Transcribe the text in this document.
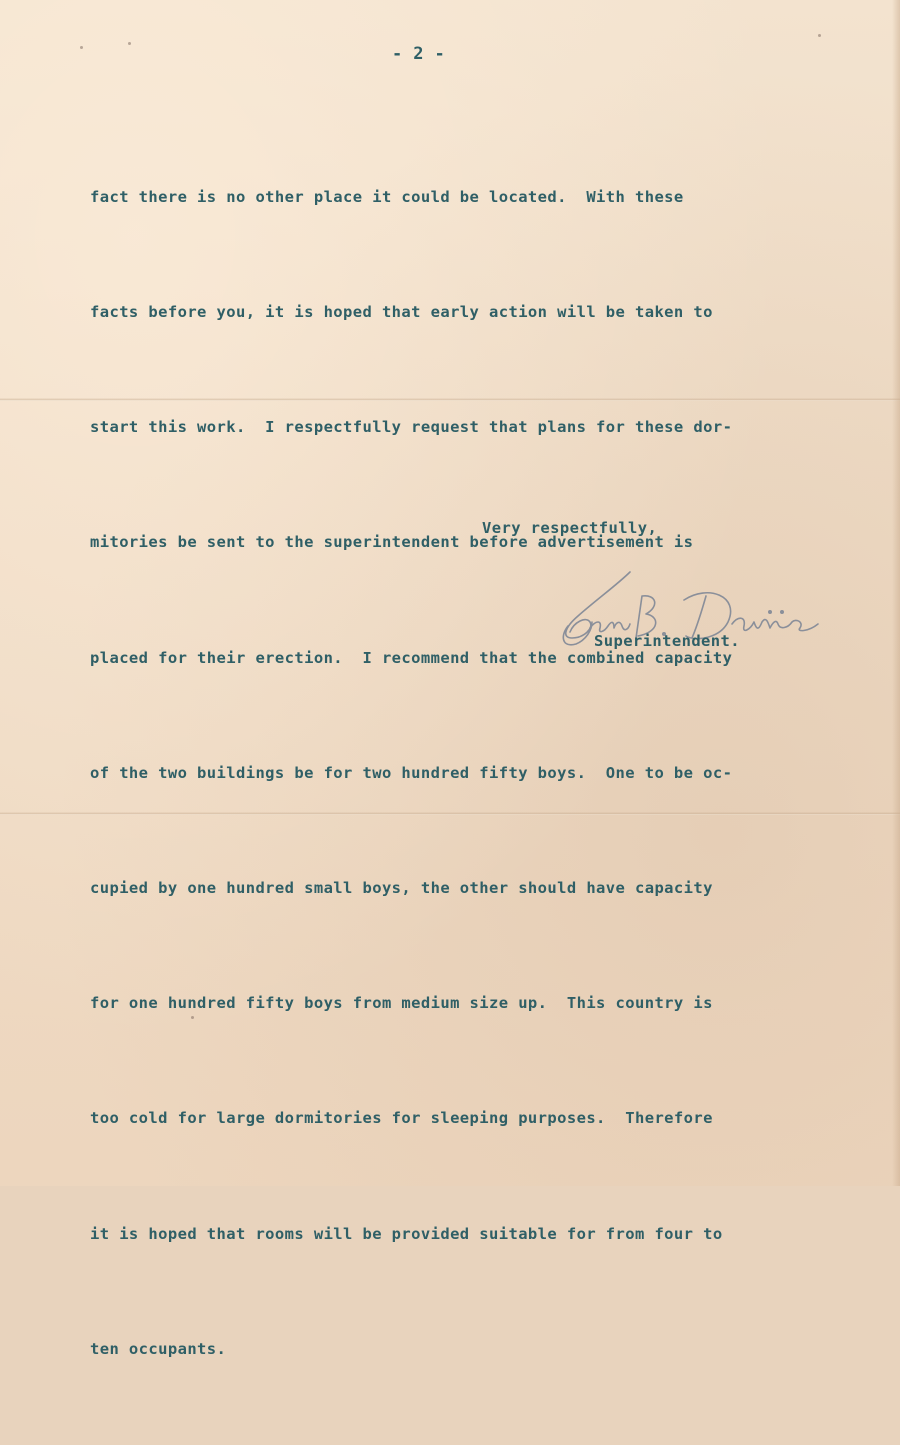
- 2 -

fact there is no other place it could be located.  With these

facts before you, it is hoped that early action will be taken to

start this work.  I respectfully request that plans for these dor-

mitories be sent to the superintendent before advertisement is

placed for their erection.  I recommend that the combined capacity

of the two buildings be for two hundred fifty boys.  One to be oc-

cupied by one hundred small boys, the other should have capacity

for one hundred fifty boys from medium size up.  This country is

too cold for large dormitories for sleeping purposes.  Therefore

it is hoped that rooms will be provided suitable for from four to

ten occupants.

Very respectfully,
Superintendent.
